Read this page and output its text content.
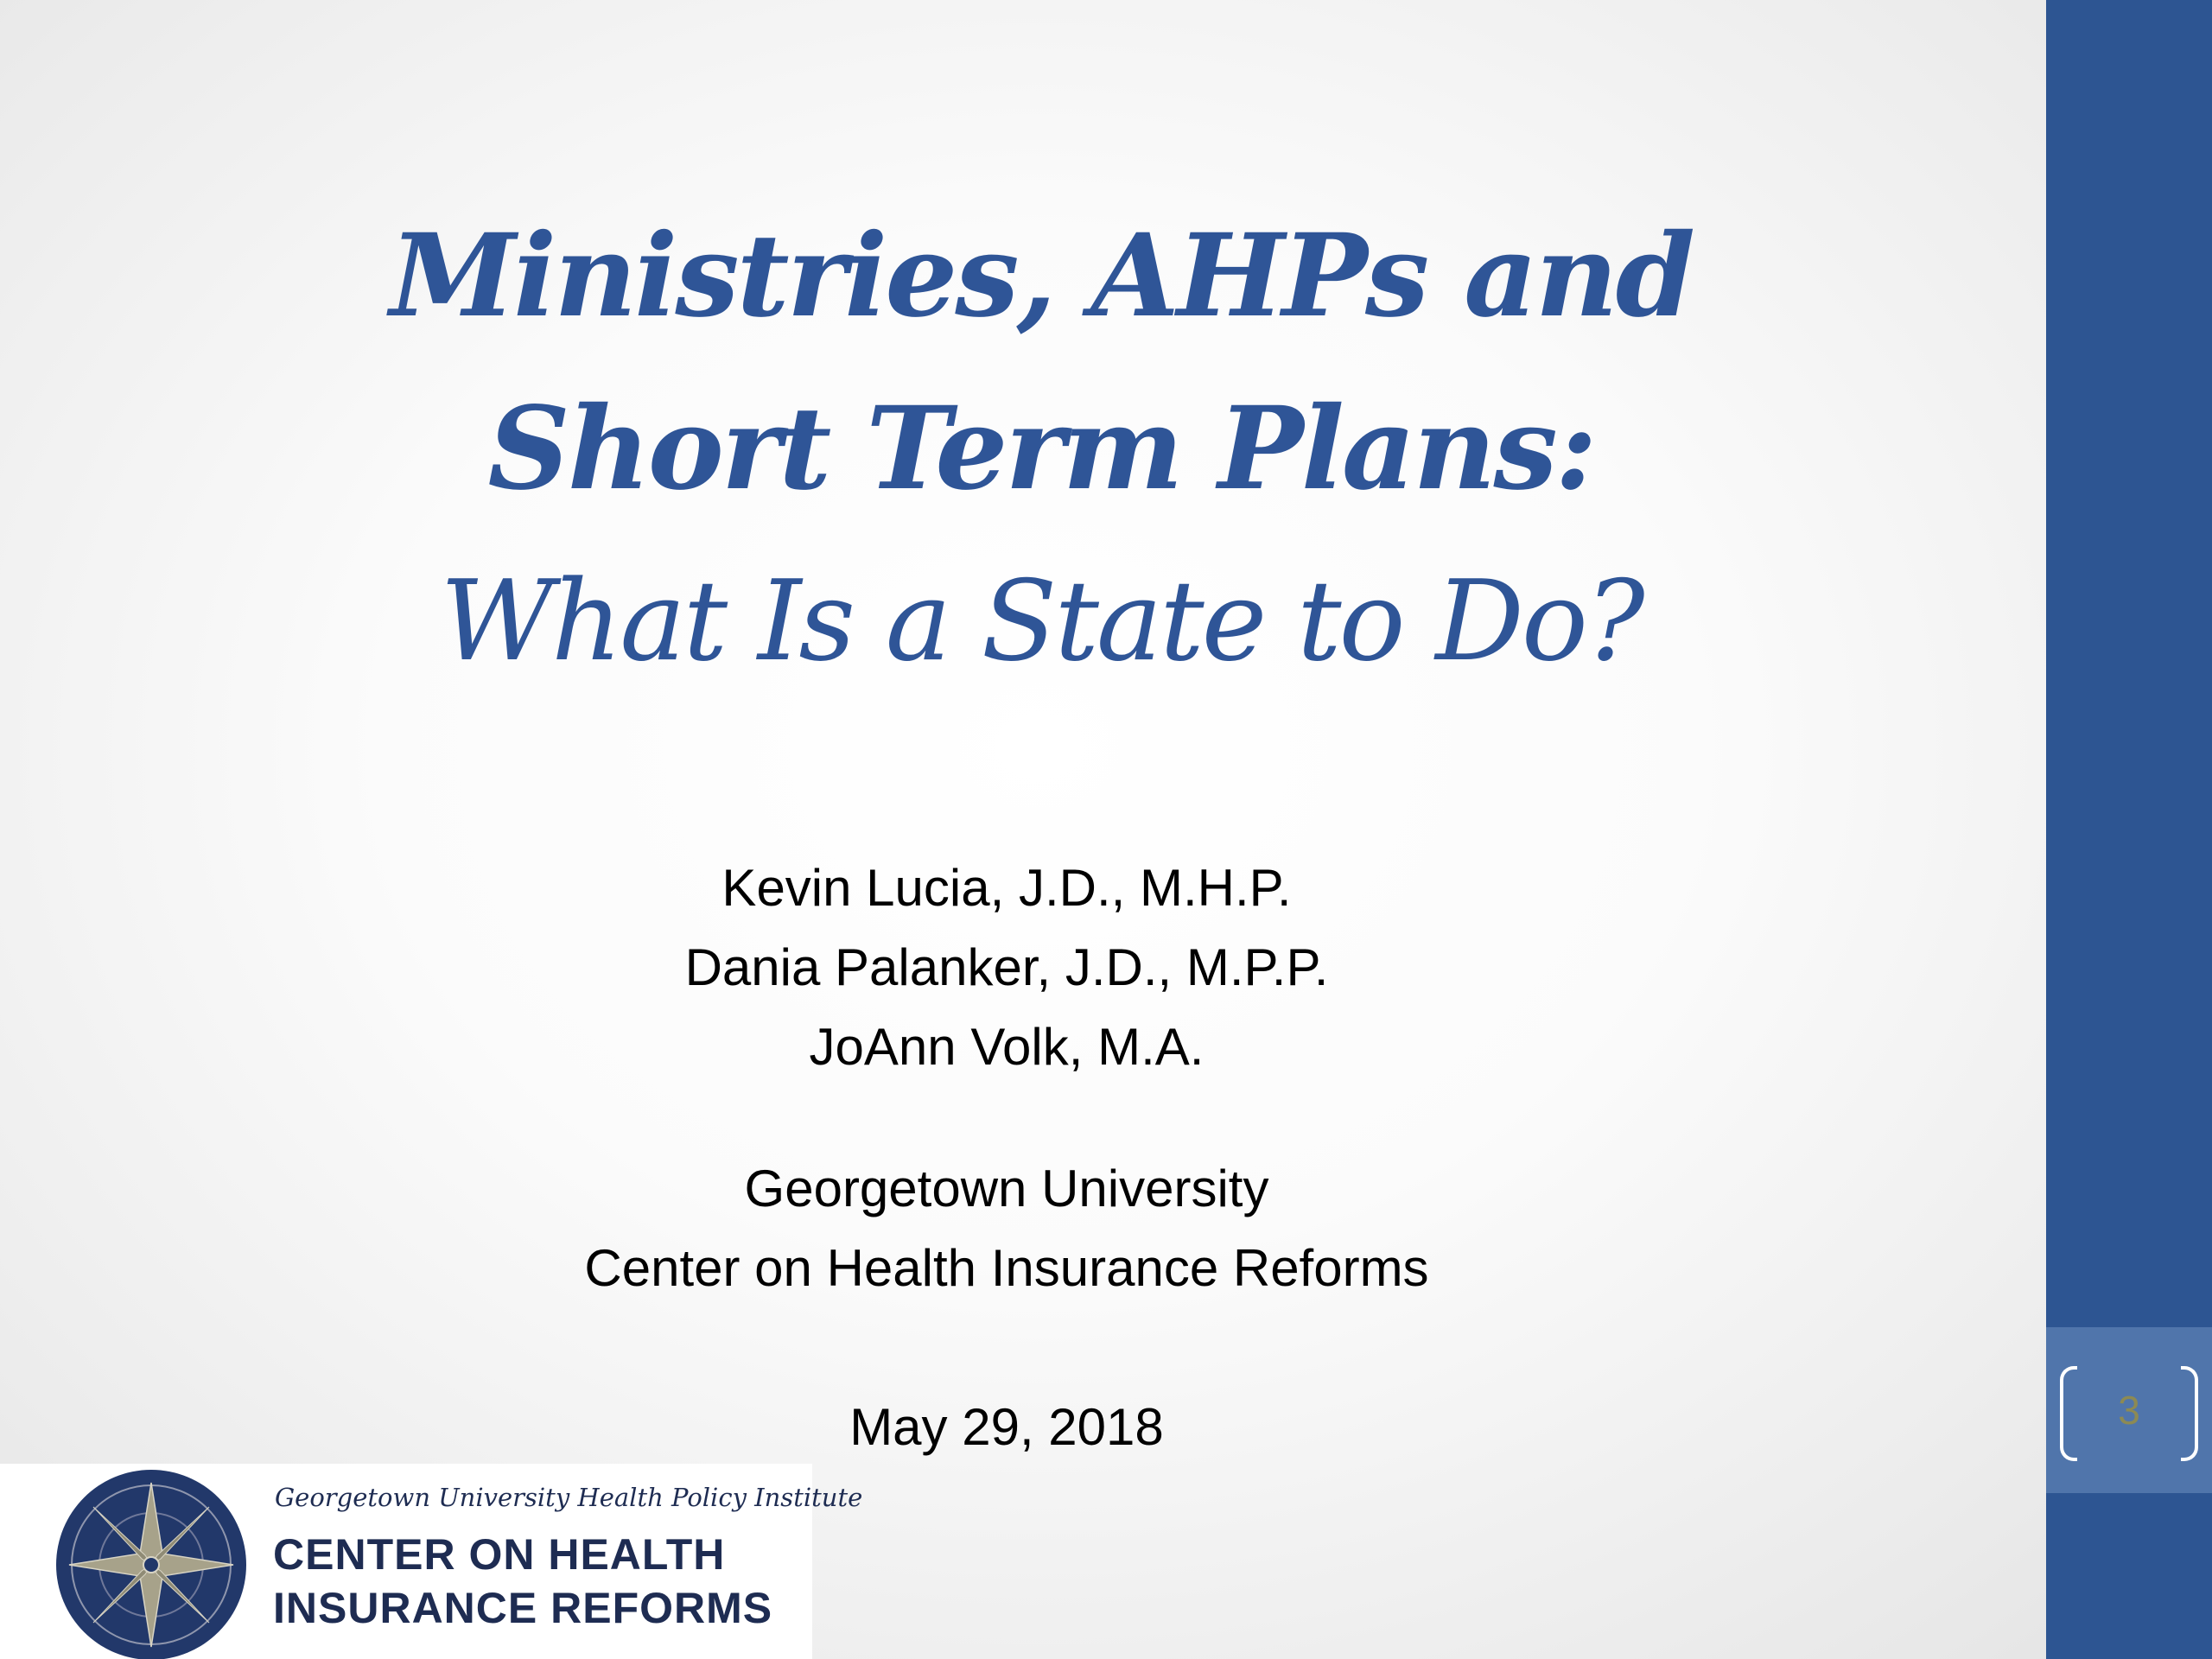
Ministries, AHPs and
Short Term Plans:
What Is a State to Do?
Kevin Lucia, J.D., M.H.P.
Dania Palanker, J.D., M.P.P.
JoAnn Volk, M.A.
Georgetown University
Center on Health Insurance Reforms
May 29, 2018	3
Georgetown University Health Policy Institute
CENTER ON HEALTH
INSURANCE REFORMS
